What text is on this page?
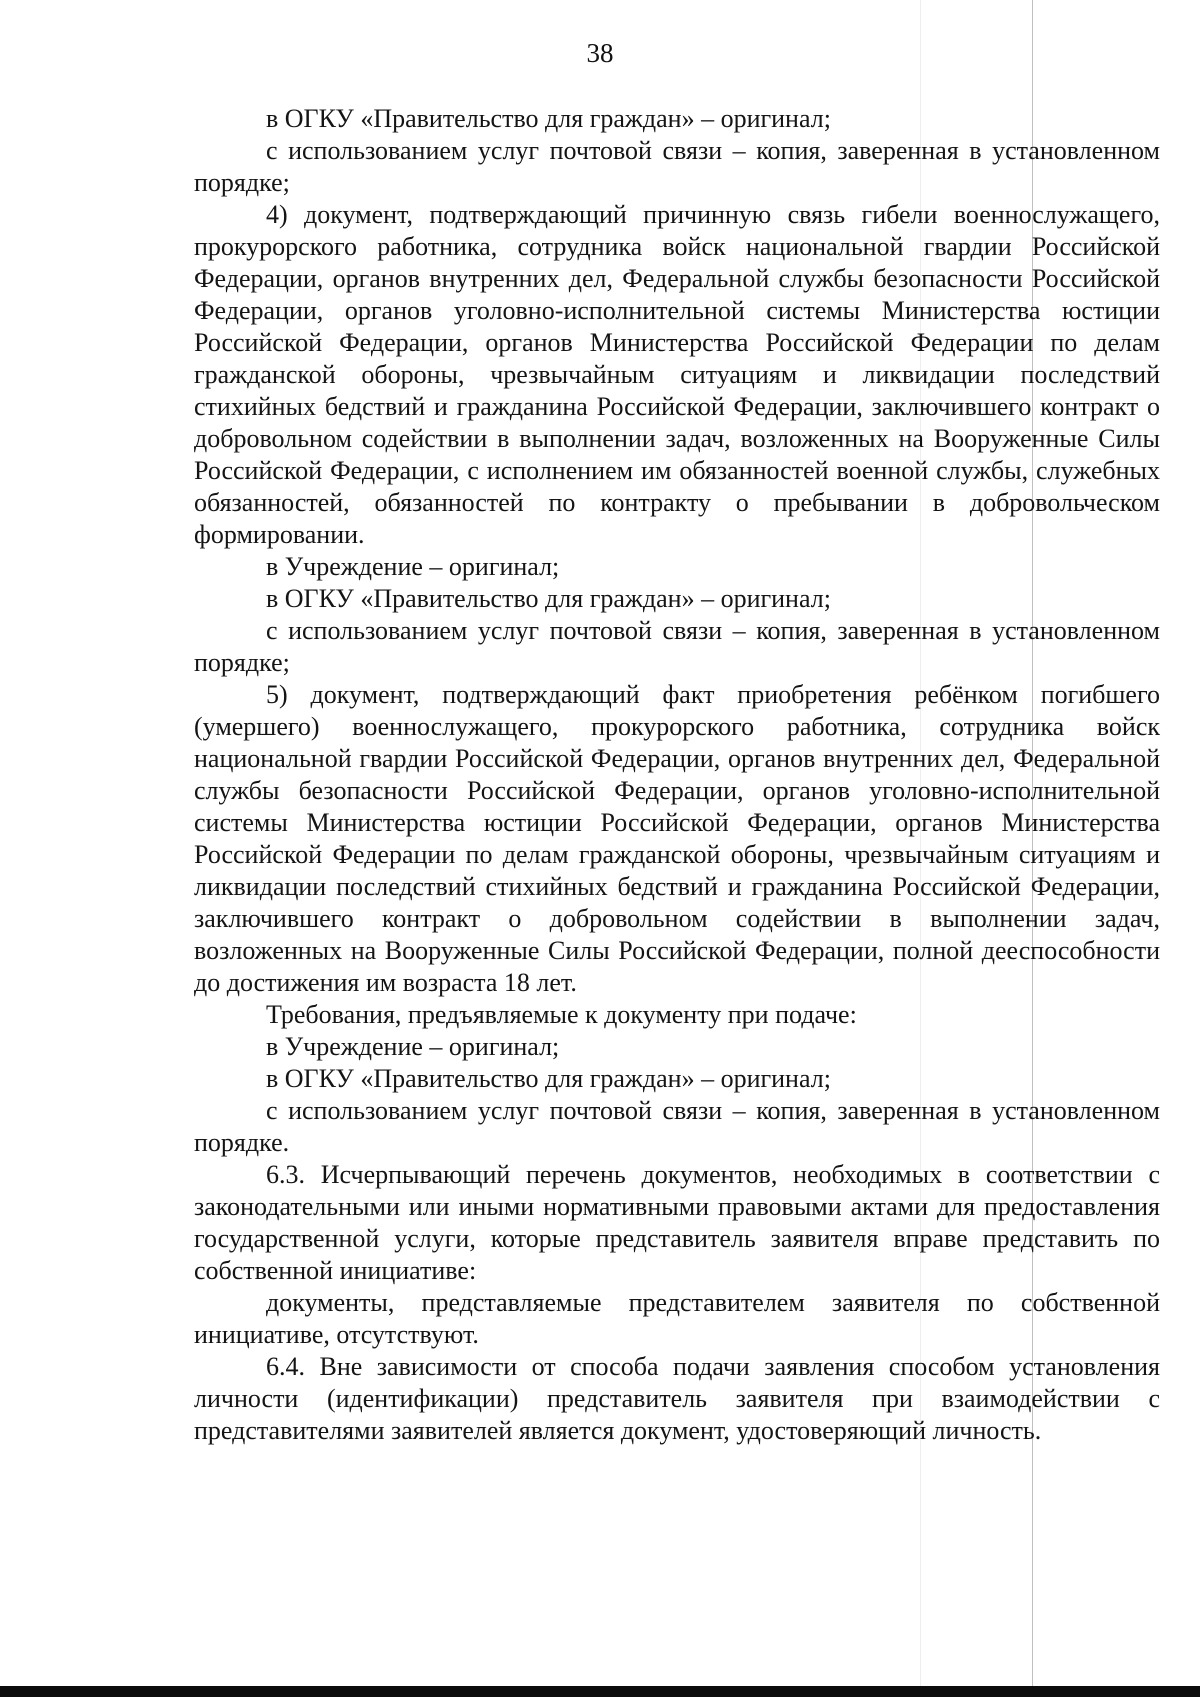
38

в ОГКУ «Правительство для граждан» – оригинал;

с использованием услуг почтовой связи – копия, заверенная в установленном порядке;

4) документ, подтверждающий причинную связь гибели военнослужащего, прокурорского работника, сотрудника войск национальной гвардии Российской Федерации, органов внутренних дел, Федеральной службы безопасности Российской Федерации, органов уголовно-исполнительной системы Министерства юстиции Российской Федерации, органов Министерства Российской Федерации по делам гражданской обороны, чрезвычайным ситуациям и ликвидации последствий стихийных бедствий и гражданина Российской Федерации, заключившего контракт о добровольном содействии в выполнении задач, возложенных на Вооруженные Силы Российской Федерации, с исполнением им обязанностей военной службы, служебных обязанностей, обязанностей по контракту о пребывании в добровольческом формировании.

в Учреждение – оригинал;

в ОГКУ «Правительство для граждан» – оригинал;

с использованием услуг почтовой связи – копия, заверенная в установленном порядке;

5) документ, подтверждающий факт приобретения ребёнком погибшего (умершего) военнослужащего, прокурорского работника, сотрудника войск национальной гвардии Российской Федерации, органов внутренних дел, Федеральной службы безопасности Российской Федерации, органов уголовно-исполнительной системы Министерства юстиции Российской Федерации, органов Министерства Российской Федерации по делам гражданской обороны, чрезвычайным ситуациям и ликвидации последствий стихийных бедствий и гражданина Российской Федерации, заключившего контракт о добровольном содействии в выполнении задач, возложенных на Вооруженные Силы Российской Федерации, полной дееспособности до достижения им возраста 18 лет.

Требования, предъявляемые к документу при подаче:

в Учреждение – оригинал;

в ОГКУ «Правительство для граждан» – оригинал;

с использованием услуг почтовой связи – копия, заверенная в установленном порядке.

6.3. Исчерпывающий перечень документов, необходимых в соответствии с законодательными или иными нормативными правовыми актами для предоставления государственной услуги, которые представитель заявителя вправе представить по собственной инициативе:

документы, представляемые представителем заявителя по собственной инициативе, отсутствуют.

6.4. Вне зависимости от способа подачи заявления способом установления личности (идентификации) представитель заявителя при взаимодействии с представителями заявителей является документ, удостоверяющий личность.
